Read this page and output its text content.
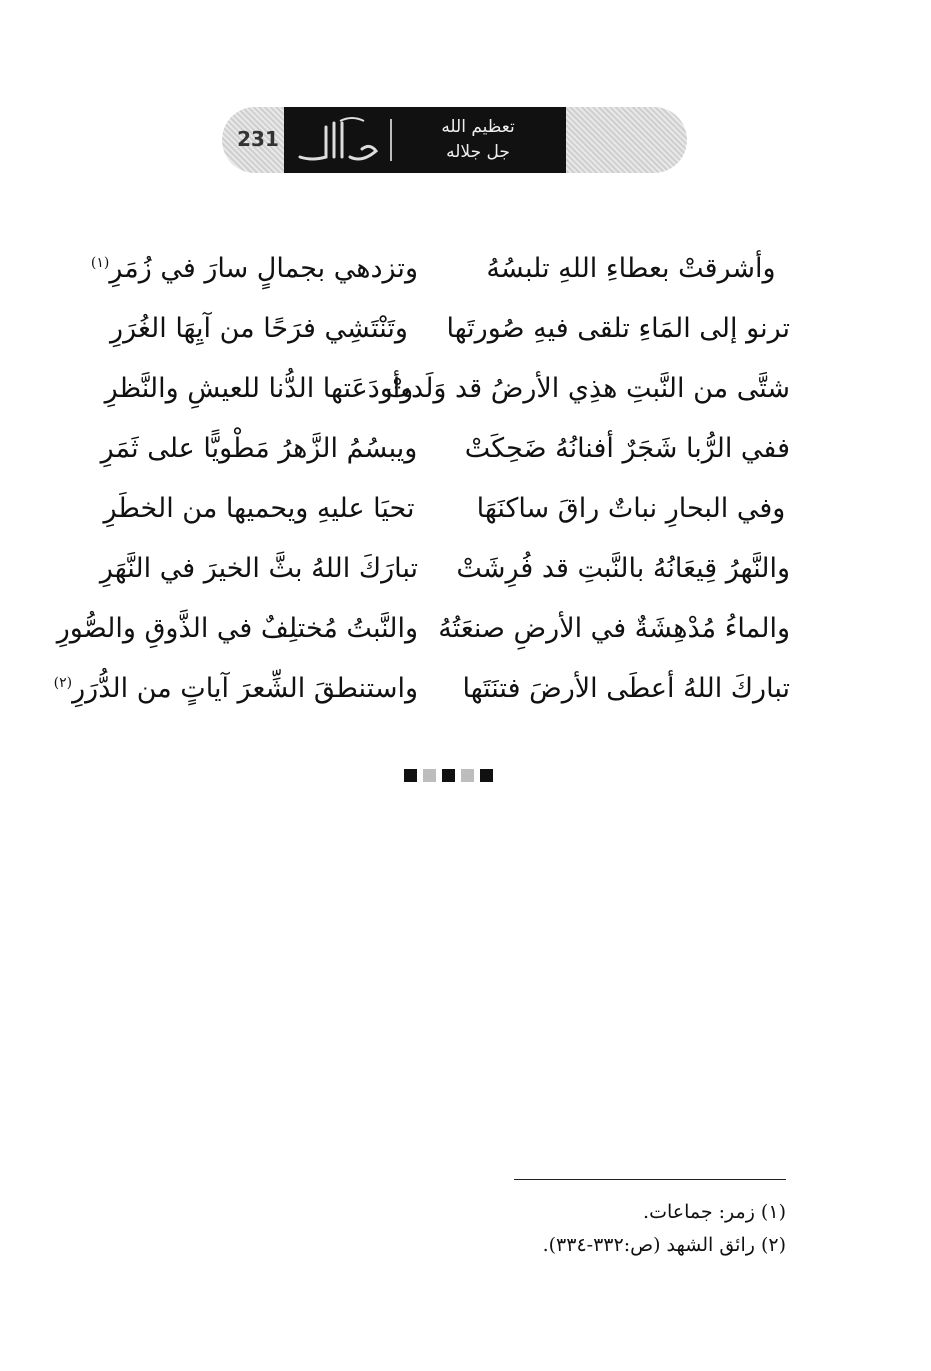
231	تعظيم الله
جل جلاله
وأشرقتْ بعطاءِ اللهِ تلبسُهُ
وتزدهي بجمالٍ سارَ في زُمَرِ$^{(١)}$
ترنو إلى المَاءِ تلقى فيهِ صُورتَها
وتَنْتَشِي فرَحًا من آيِهَا الغُرَرِ
شتَّى من النَّبتِ هذِي الأرضُ قد وَلَدتْ
وأودَعَتها الدُّنا للعيشِ والنَّظرِ
ففي الرُّبا شَجَرٌ أفنانُهُ ضَحِكَتْ
ويبسُمُ الزَّهرُ مَطْويًّا على ثَمَرِ
وفي البحارِ نباتٌ راقَ ساكنَهَا
تحيَا عليهِ ويحميها من الخطَرِ
والنَّهرُ قِيعَانُهُ بالنَّبتِ قد فُرِشَتْ
تبارَكَ اللهُ بثَّ الخيرَ في النَّهَرِ
والماءُ مُدْهِشَةٌ في الأرضِ صنعَتُهُ
والنَّبتُ مُختلِفٌ في الذَّوقِ والصُّورِ
تباركَ اللهُ أعطَى الأرضَ فتنَتَها
واستنطقَ الشِّعرَ آياتٍ من الدُّرَرِ$^{(٢)}$
(١) زمر: جماعات.
(٢) رائق الشهد (ص:٣٣٢-٣٣٤).
